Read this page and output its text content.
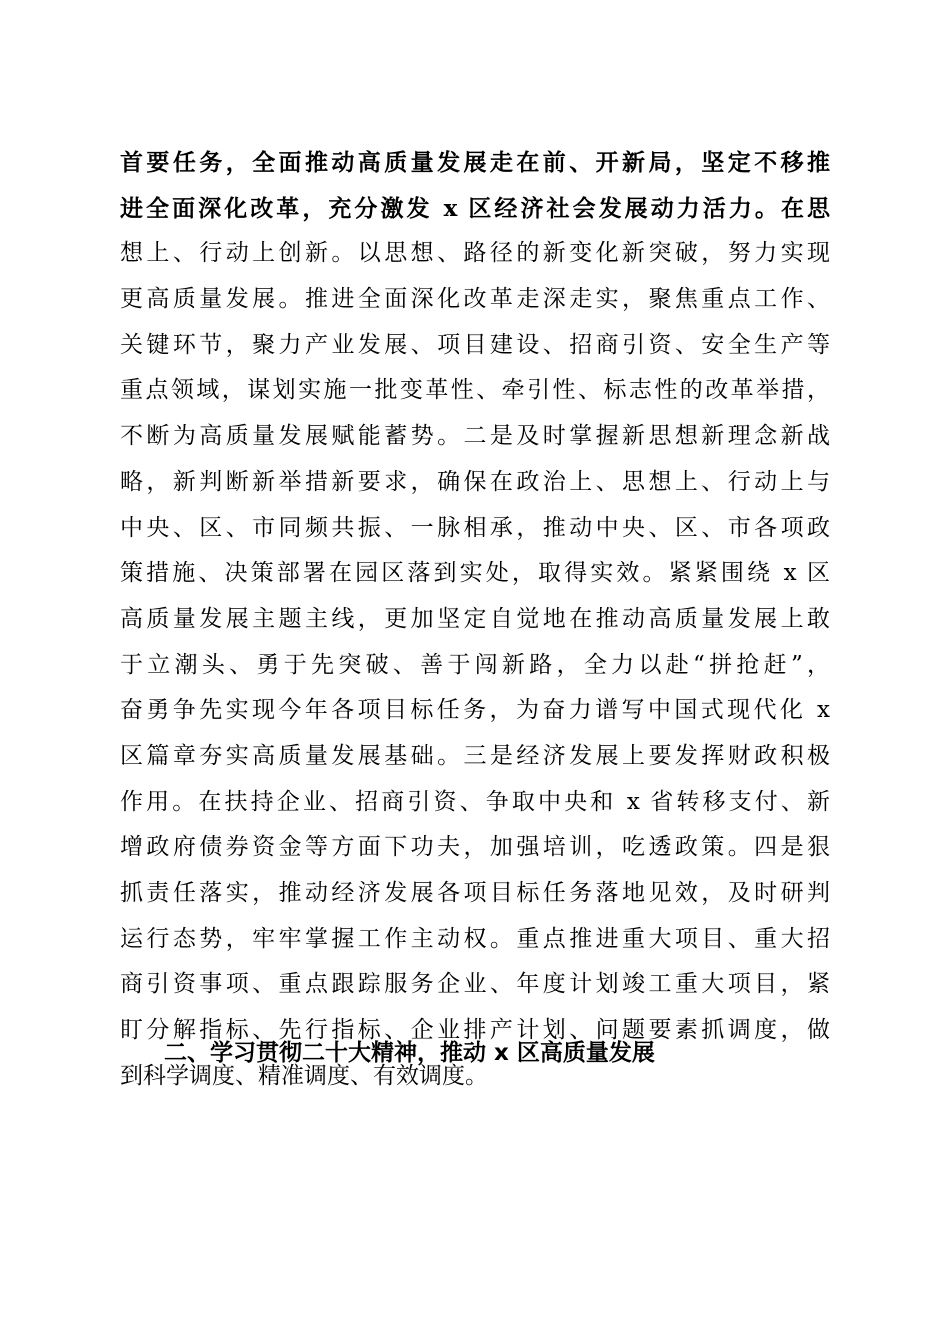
首要任务，全面推动高质量发展走在前、开新局，坚定不移推
进全面深化改革，充分激发 x 区经济社会发展动力活力。在思
想上、行动上创新。以思想、路径的新变化新突破，努力实现
更高质量发展。推进全面深化改革走深走实，聚焦重点工作、
关键环节，聚力产业发展、项目建设、招商引资、安全生产等
重点领域，谋划实施一批变革性、牵引性、标志性的改革举措，
不断为高质量发展赋能蓄势。二是及时掌握新思想新理念新战
略，新判断新举措新要求，确保在政治上、思想上、行动上与
中央、区、市同频共振、一脉相承，推动中央、区、市各项政
策措施、决策部署在园区落到实处，取得实效。紧紧围绕 x 区
高质量发展主题主线，更加坚定自觉地在推动高质量发展上敢
于立潮头、勇于先突破、善于闯新路，全力以赴“拼抢赶”，
奋勇争先实现今年各项目标任务，为奋力谱写中国式现代化 x
区篇章夯实高质量发展基础。三是经济发展上要发挥财政积极
作用。在扶持企业、招商引资、争取中央和 x 省转移支付、新
增政府债券资金等方面下功夫，加强培训，吃透政策。四是狠
抓责任落实，推动经济发展各项目标任务落地见效，及时研判
运行态势，牢牢掌握工作主动权。重点推进重大项目、重大招
商引资事项、重点跟踪服务企业、年度计划竣工重大项目，紧
盯分解指标、先行指标、企业排产计划、问题要素抓调度，做
到科学调度、精准调度、有效调度。
二、学习贯彻二十大精神，推动 x 区高质量发展
